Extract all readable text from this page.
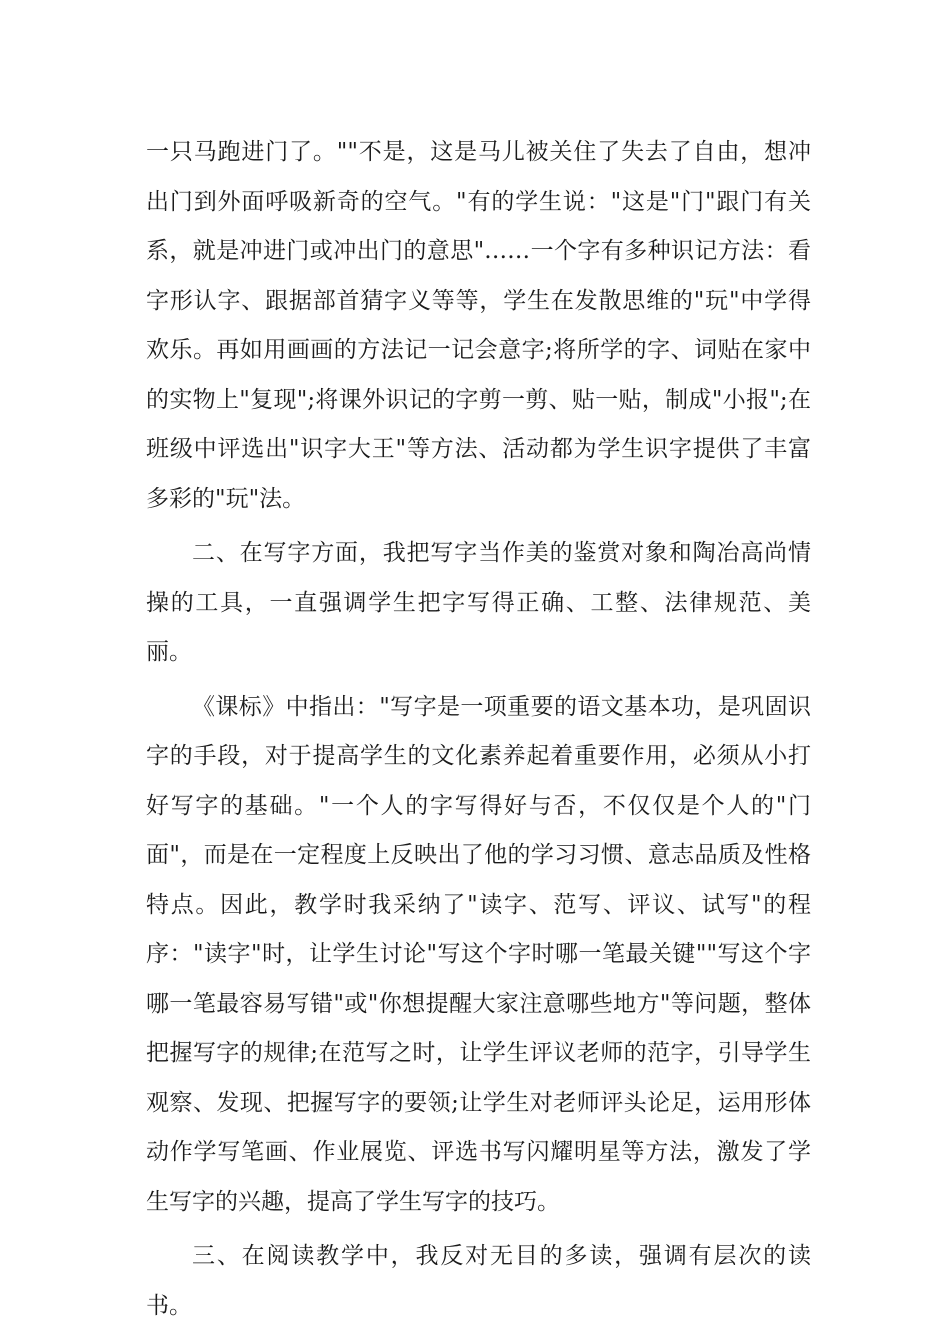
一只马跑进门了。""不是，这是马儿被关住了失去了自由，想冲出门到外面呼吸新奇的空气。"有的学生说："这是"门"跟门有关系，就是冲进门或冲出门的意思"……一个字有多种识记方法：看字形认字、跟据部首猜字义等等，学生在发散思维的"玩"中学得欢乐。再如用画画的方法记一记会意字;将所学的字、词贴在家中的实物上"复现";将课外识记的字剪一剪、贴一贴，制成"小报";在班级中评选出"识字大王"等方法、活动都为学生识字提供了丰富多彩的"玩"法。

二、在写字方面，我把写字当作美的鉴赏对象和陶冶高尚情操的工具，一直强调学生把字写得正确、工整、法律规范、美丽。

《课标》中指出："写字是一项重要的语文基本功，是巩固识字的手段，对于提高学生的文化素养起着重要作用，必须从小打好写字的基础。"一个人的字写得好与否，不仅仅是个人的"门面"，而是在一定程度上反映出了他的学习习惯、意志品质及性格特点。因此，教学时我采纳了"读字、范写、评议、试写"的程序："读字"时，让学生讨论"写这个字时哪一笔最关键""写这个字哪一笔最容易写错"或"你想提醒大家注意哪些地方"等问题，整体把握写字的规律;在范写之时，让学生评议老师的范字，引导学生观察、发现、把握写字的要领;让学生对老师评头论足，运用形体动作学写笔画、作业展览、评选书写闪耀明星等方法，激发了学生写字的兴趣，提高了学生写字的技巧。

三、在阅读教学中，我反对无目的多读，强调有层次的读书。
